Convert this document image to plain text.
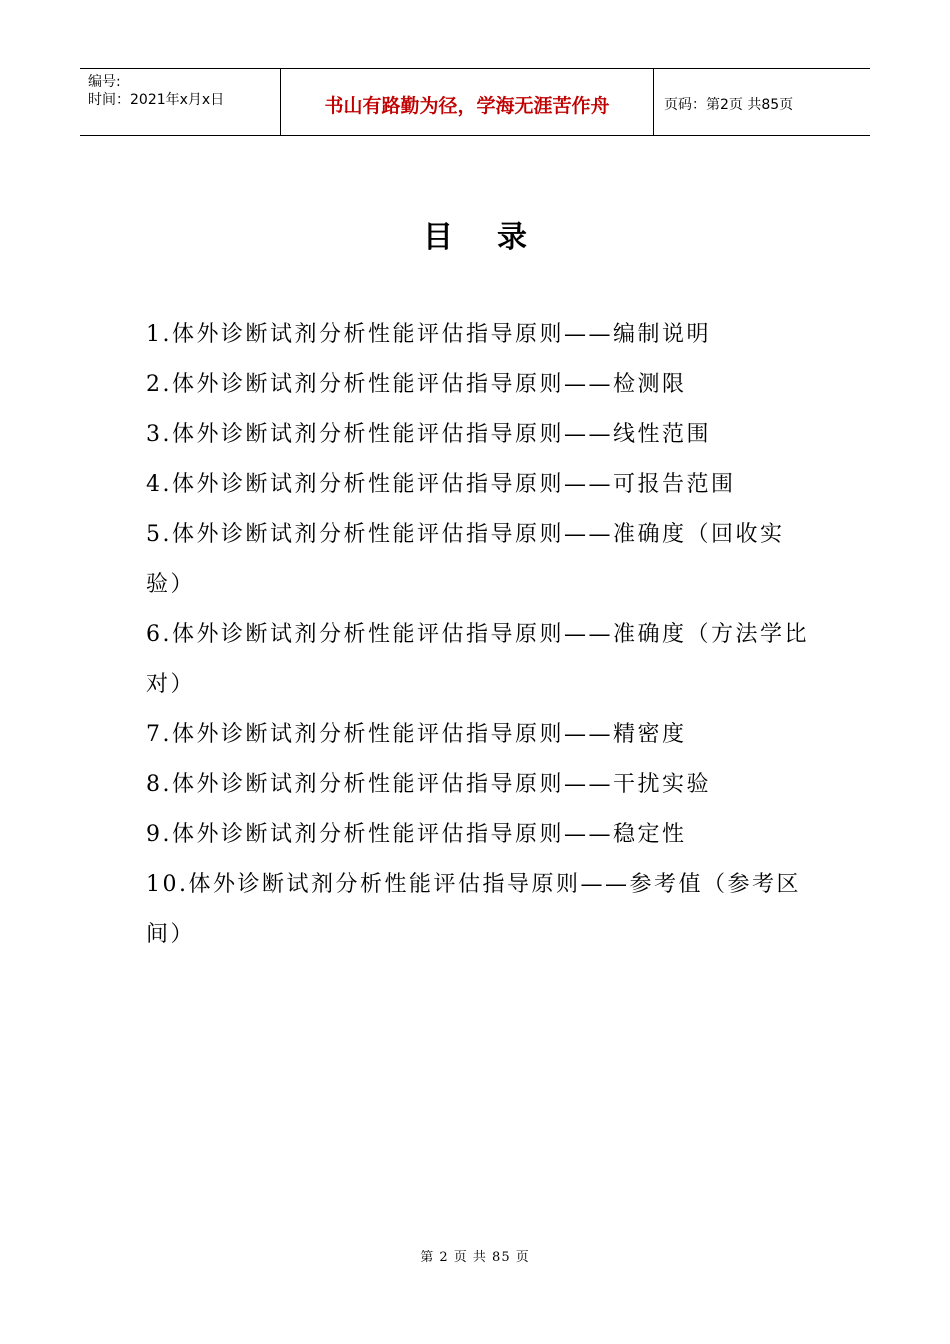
编号:
时间：2021年x月x日	书山有路勤为径，学海无涯苦作舟	页码：第2页 共85页
目录
1.体外诊断试剂分析性能评估指导原则——编制说明
2.体外诊断试剂分析性能评估指导原则——检测限
3.体外诊断试剂分析性能评估指导原则——线性范围
4.体外诊断试剂分析性能评估指导原则——可报告范围
5.体外诊断试剂分析性能评估指导原则——准确度（回收实验）
6.体外诊断试剂分析性能评估指导原则——准确度（方法学比对）
7.体外诊断试剂分析性能评估指导原则——精密度
8.体外诊断试剂分析性能评估指导原则——干扰实验
9.体外诊断试剂分析性能评估指导原则——稳定性
10.体外诊断试剂分析性能评估指导原则——参考值（参考区间）
第 2 页 共 85 页
